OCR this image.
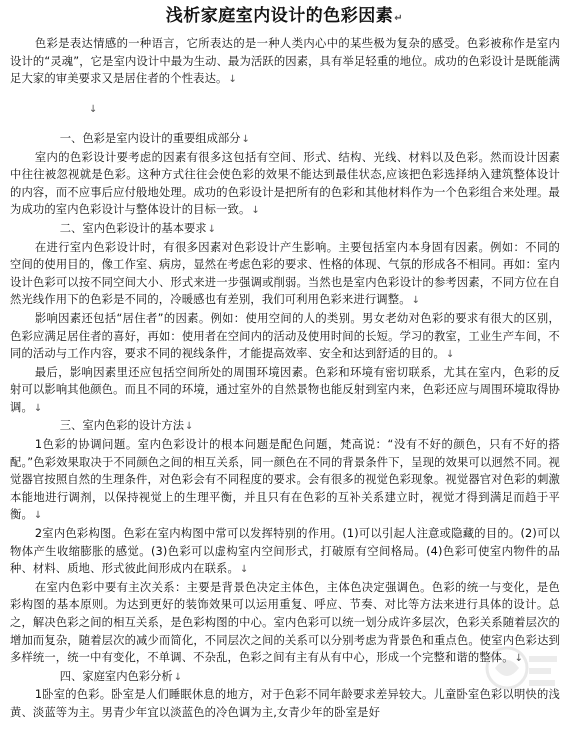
浅析家庭室内设计的色彩因素↵

色彩是表达情感的一种语言，它所表达的是一种人类内心中的某些极为复杂的感受。色彩被称作是室内设计的“灵魂”，它是室内设计中最为生动、最为活跃的因素，具有举足轻重的地位。成功的色彩设计是既能满足大家的审美要求又是居住者的个性表达。↓

↓

一、色彩是室内设计的重要组成部分↓

室内的色彩设计要考虑的因素有很多这包括有空间、形式、结构、光线、材料以及色彩。然而设计因素中往往被忽视就是色彩。这种方式往往会使色彩的效果不能达到最佳状态,应该把色彩选择纳入建筑整体设计的内容，而不应事后应付般地处理。成功的色彩设计是把所有的色彩和其他材料作为一个色彩组合来处理。最为成功的室内色彩设计与整体设计的目标一致。↓

二、室内色彩设计的基本要求↓

在进行室内色彩设计时，有很多因素对色彩设计产生影响。主要包括室内本身固有因素。例如：不同的空间的使用目的，像工作室、病房，显然在考虑色彩的要求、性格的体现、气氛的形成各不相同。再如：室内设计色彩可以按不同空间大小、形式来进一步强调或削弱。当然也是室内色彩设计的参考因素，不同方位在自然光线作用下的色彩是不同的，冷暖感也有差别，我们可利用色彩来进行调整。↓

影响因素还包括“居住者”的因素。例如：使用空间的人的类别。男女老幼对色彩的要求有很大的区别，色彩应满足居住者的喜好，再如：使用者在空间内的活动及使用时间的长短。学习的教室，工业生产车间，不同的活动与工作内容，要求不同的视线条件，才能提高效率、安全和达到舒适的目的。↓

最后，影响因素里还应包括空间所处的周围环境因素。色彩和环境有密切联系，尤其在室内，色彩的反射可以影响其他颜色。而且不同的环境，通过室外的自然景物也能反射到室内来，色彩还应与周围环境取得协调。↓

三、室内色彩的设计方法↓

1色彩的协调问题。室内色彩设计的根本问题是配色问题，梵高说：“没有不好的颜色，只有不好的搭配。”色彩效果取决于不同颜色之间的相互关系，同一颜色在不同的背景条件下，呈现的效果可以迥然不同。视觉器官按照自然的生理条件，对色彩会有不同程度的要求。会有很多的视觉色彩现象。视觉器官对色彩的刺激本能地进行调剂，以保持视觉上的生理平衡，并且只有在色彩的互补关系建立时，视觉才得到满足而趋于平衡。↓

2室内色彩构图。色彩在室内构图中常可以发挥特别的作用。(1)可以引起人注意或隐藏的目的。(2)可以物体产生收缩膨胀的感觉。(3)色彩可以虚构室内空间形式，打破原有空间格局。(4)色彩可使室内物件的品种、材料、质地、形式彼此间形成内在联系。↓

在室内色彩中要有主次关系：主要是背景色决定主体色，主体色决定强调色。色彩的统一与变化，是色彩构图的基本原则。为达到更好的装饰效果可以运用重复、呼应、节奏、对比等方法来进行具体的设计。总之，解决色彩之间的相互关系，是色彩构图的中心。室内色彩可以统一划分成许多层次，色彩关系随着层次的增加而复杂，随着层次的减少而简化，不同层次之间的关系可以分别考虑为背景色和重点色。使室内色彩达到多样统一，统一中有变化，不单调、不杂乱，色彩之间有主有从有中心，形成一个完整和谐的整体。↓

四、家庭室内色彩分析↓

1卧室的色彩。卧室是人们睡眠休息的地方，对于色彩不同年龄要求差异较大。儿童卧室色彩以明快的浅黄、淡蓝等为主。男青少年宜以淡蓝色的冷色调为主,女青少年的卧室是好
